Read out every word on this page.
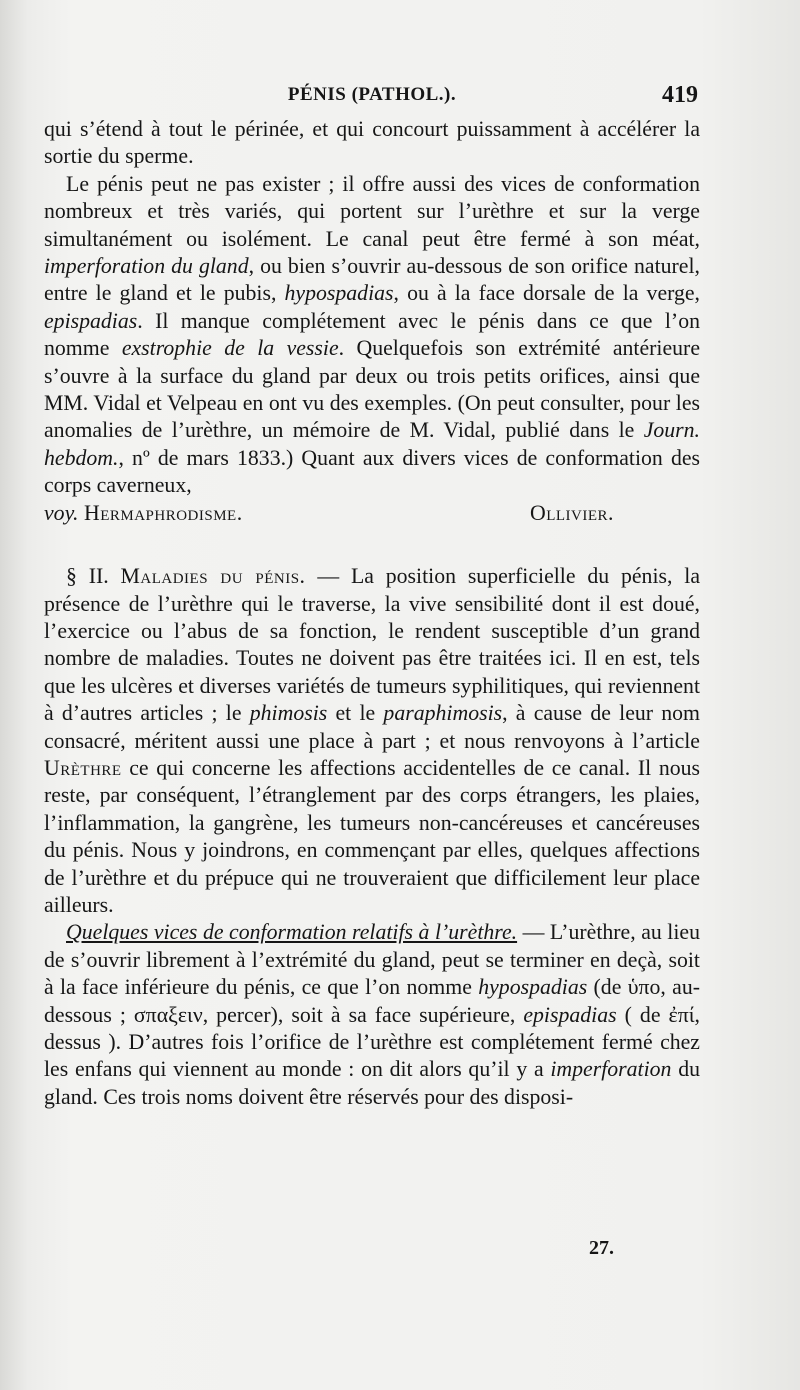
PÉNIS (PATHOL.).	419

qui s’étend à tout le périnée, et qui concourt puissamment à accélérer la sortie du sperme.

Le pénis peut ne pas exister ; il offre aussi des vices de conformation nombreux et très variés, qui portent sur l’urèthre et sur la verge simultanément ou isolément. Le canal peut être fermé à son méat, imperforation du gland, ou bien s’ouvrir au-dessous de son orifice naturel, entre le gland et le pubis, hypospadias, ou à la face dorsale de la verge, epispadias. Il manque complétement avec le pénis dans ce que l’on nomme exstrophie de la vessie. Quelquefois son extrémité antérieure s’ouvre à la surface du gland par deux ou trois petits orifices, ainsi que MM. Vidal et Velpeau en ont vu des exemples. (On peut consulter, pour les anomalies de l’urèthre, un mémoire de M. Vidal, publié dans le Journ. hebdom., nº de mars 1833.) Quant aux divers vices de conformation des corps caverneux,

voy. Hermaphrodisme.	Ollivier.

§ II. Maladies du pénis. — La position superficielle du pénis, la présence de l’urèthre qui le traverse, la vive sensibilité dont il est doué, l’exercice ou l’abus de sa fonction, le rendent susceptible d’un grand nombre de maladies. Toutes ne doivent pas être traitées ici. Il en est, tels que les ulcères et diverses variétés de tumeurs syphilitiques, qui reviennent à d’autres articles ; le phimosis et le paraphimosis, à cause de leur nom consacré, méritent aussi une place à part ; et nous renvoyons à l’article Urèthre ce qui concerne les affections accidentelles de ce canal. Il nous reste, par conséquent, l’étranglement par des corps étrangers, les plaies, l’inflammation, la gangrène, les tumeurs non-cancéreuses et cancéreuses du pénis. Nous y joindrons, en commençant par elles, quelques affections de l’urèthre et du prépuce qui ne trouveraient que difficilement leur place ailleurs.

Quelques vices de conformation relatifs à l’urèthre. — L’urèthre, au lieu de s’ouvrir librement à l’extrémité du gland, peut se terminer en deçà, soit à la face inférieure du pénis, ce que l’on nomme hypospadias (de ὑπο, au-dessous ; σπαξειν, percer), soit à sa face supérieure, epispadias ( de ἐπί, dessus ). D’autres fois l’orifice de l’urèthre est complétement fermé chez les enfans qui viennent au monde : on dit alors qu’il y a imperforation du gland. Ces trois noms doivent être réservés pour des disposi-

27.
